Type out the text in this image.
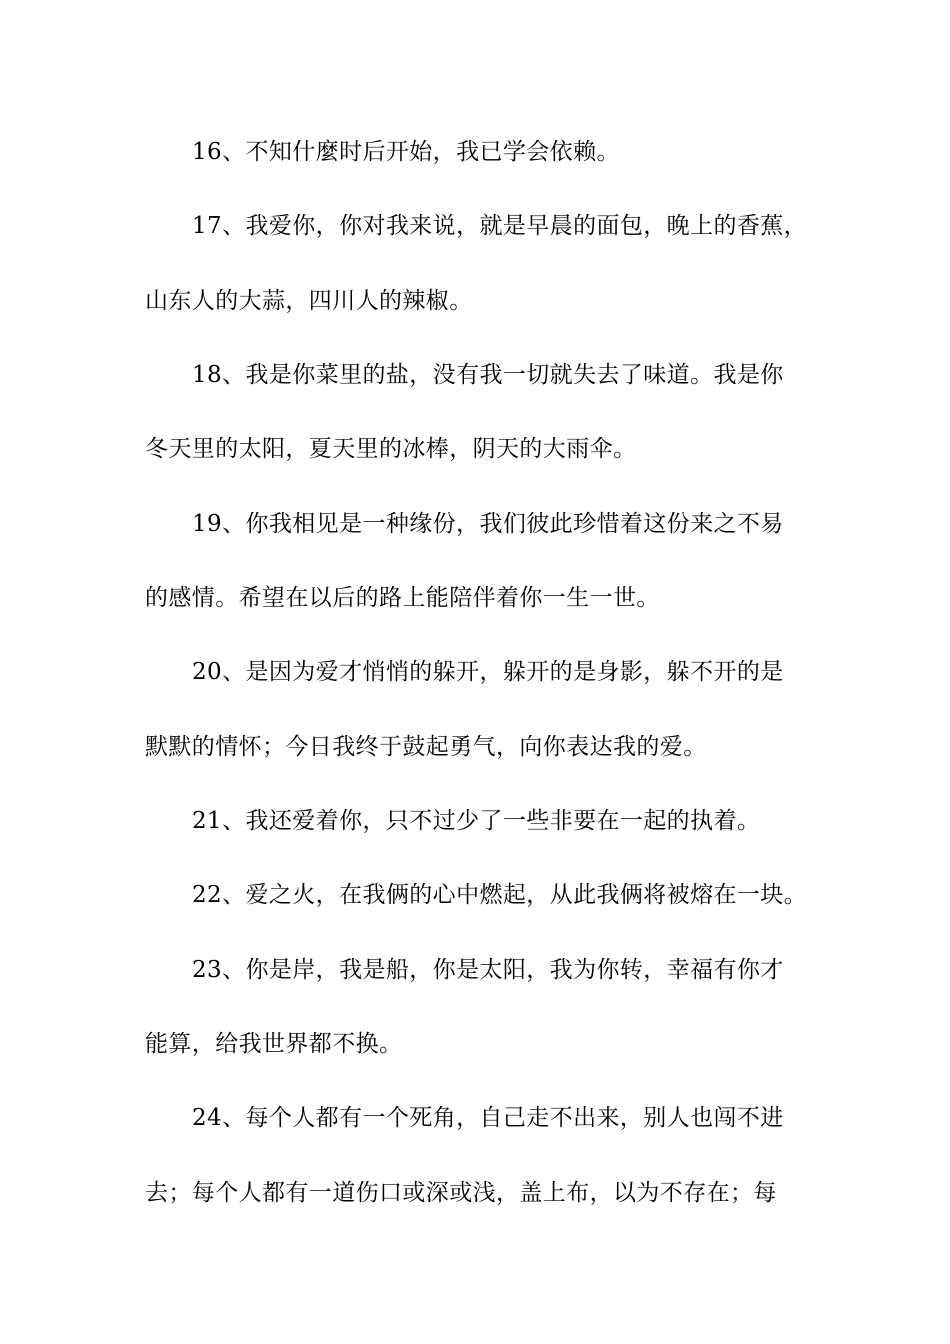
16、不知什麼时后开始，我已学会依赖。
17、我爱你，你对我来说，就是早晨的面包，晚上的香蕉，
山东人的大蒜，四川人的辣椒。
18、我是你菜里的盐，没有我一切就失去了味道。我是你
冬天里的太阳，夏天里的冰棒，阴天的大雨伞。
19、你我相见是一种缘份，我们彼此珍惜着这份来之不易
的感情。希望在以后的路上能陪伴着你一生一世。
20、是因为爱才悄悄的躲开，躲开的是身影，躲不开的是
默默的情怀；今日我终于鼓起勇气，向你表达我的爱。
21、我还爱着你，只不过少了一些非要在一起的执着。
22、爱之火，在我俩的心中燃起，从此我俩将被熔在一块。
23、你是岸，我是船，你是太阳，我为你转，幸福有你才
能算，给我世界都不换。
24、每个人都有一个死角，自己走不出来，别人也闯不进
去；每个人都有一道伤口或深或浅，盖上布，以为不存在；每
